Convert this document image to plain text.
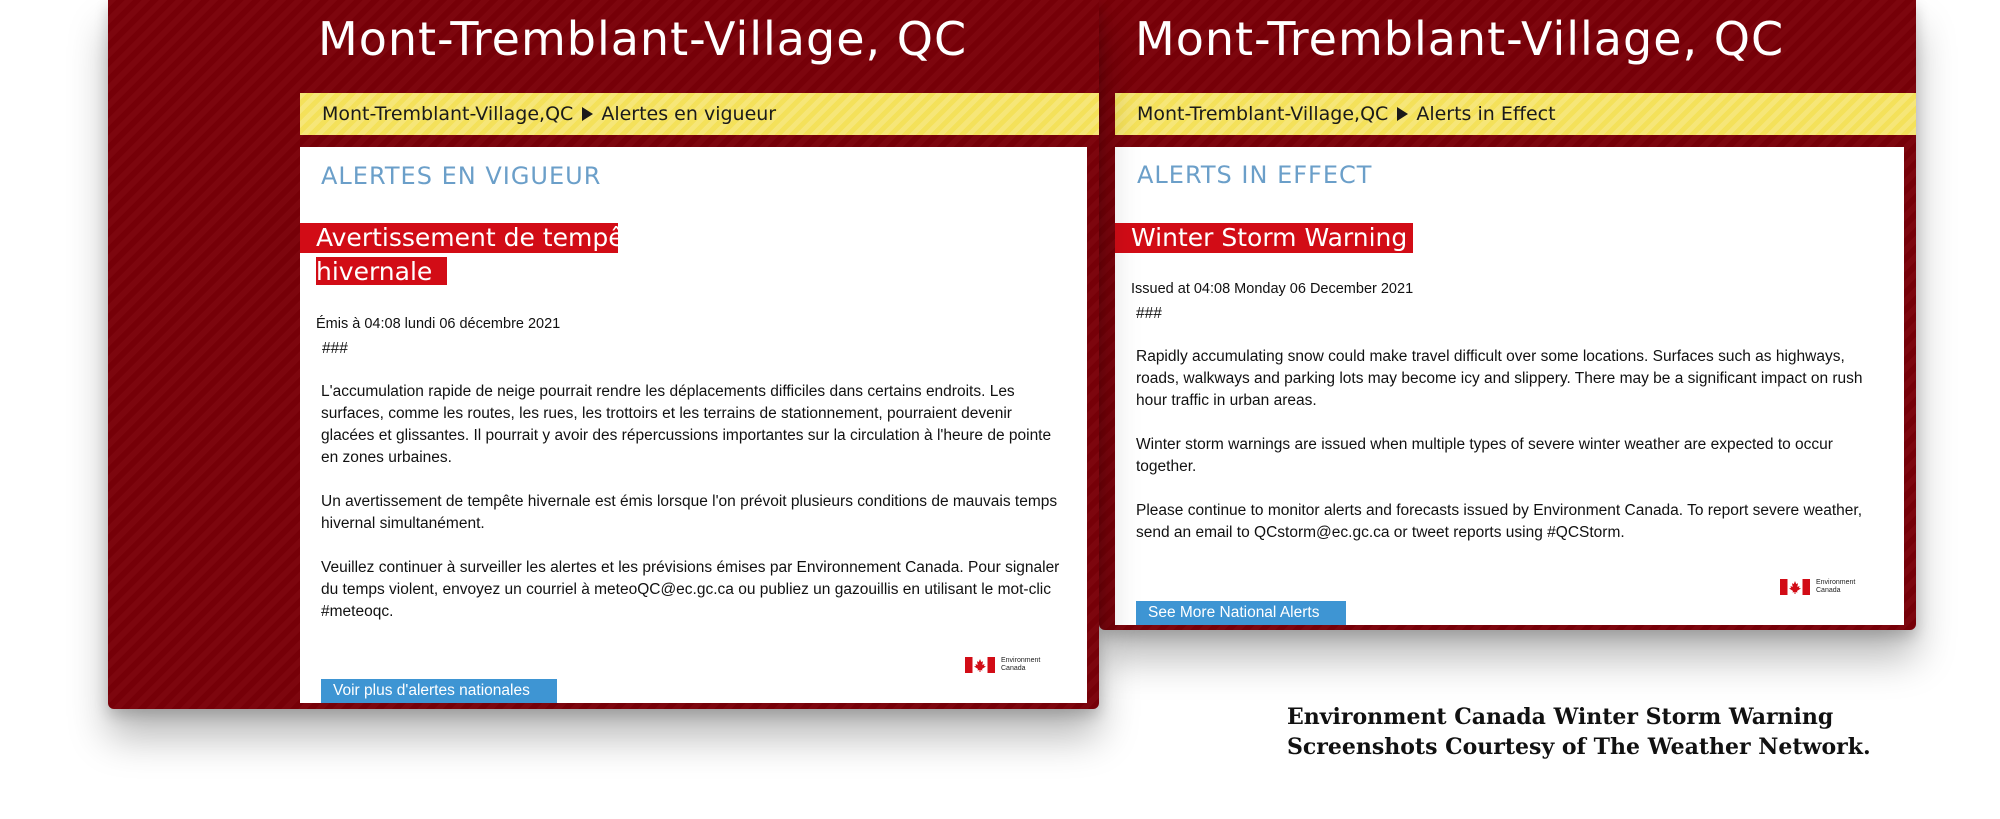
Mont-Tremblant-Village, QC
Mont-Tremblant-Village,QC Alertes en vigueur
ALERTES EN VIGUEUR
Avertissement de tempête
hivernale
Émis à 04:08 lundi 06 décembre 2021
###

L'accumulation rapide de neige pourrait rendre les déplacements difficiles dans certains endroits. Les surfaces, comme les routes, les rues, les trottoirs et les terrains de stationnement, pourraient devenir glacées et glissantes. Il pourrait y avoir des répercussions importantes sur la circulation à l'heure de pointe en zones urbaines.

Un avertissement de tempête hivernale est émis lorsque l'on prévoit plusieurs conditions de mauvais temps hivernal simultanément.

Veuillez continuer à surveiller les alertes et les prévisions émises par Environnement Canada. Pour signaler du temps violent, envoyez un courriel à meteoQC@ec.gc.ca ou publiez un gazouillis en utilisant le mot-clic #meteoqc.

Environment
Canada
Voir plus d'alertes nationales
Mont-Tremblant-Village, QC
Mont-Tremblant-Village,QC Alerts in Effect
ALERTS IN EFFECT
Winter Storm Warning
Issued at 04:08 Monday 06 December 2021
###

Rapidly accumulating snow could make travel difficult over some locations. Surfaces such as highways, roads, walkways and parking lots may become icy and slippery. There may be a significant impact on rush hour traffic in urban areas.

Winter storm warnings are issued when multiple types of severe winter weather are expected to occur together.

Please continue to monitor alerts and forecasts issued by Environment Canada. To report severe weather, send an email to QCstorm@ec.gc.ca or tweet reports using #QCStorm.

Environment
Canada
See More National Alerts

Environment Canada Winter Storm Warning
Screenshots Courtesy of The Weather Network.
